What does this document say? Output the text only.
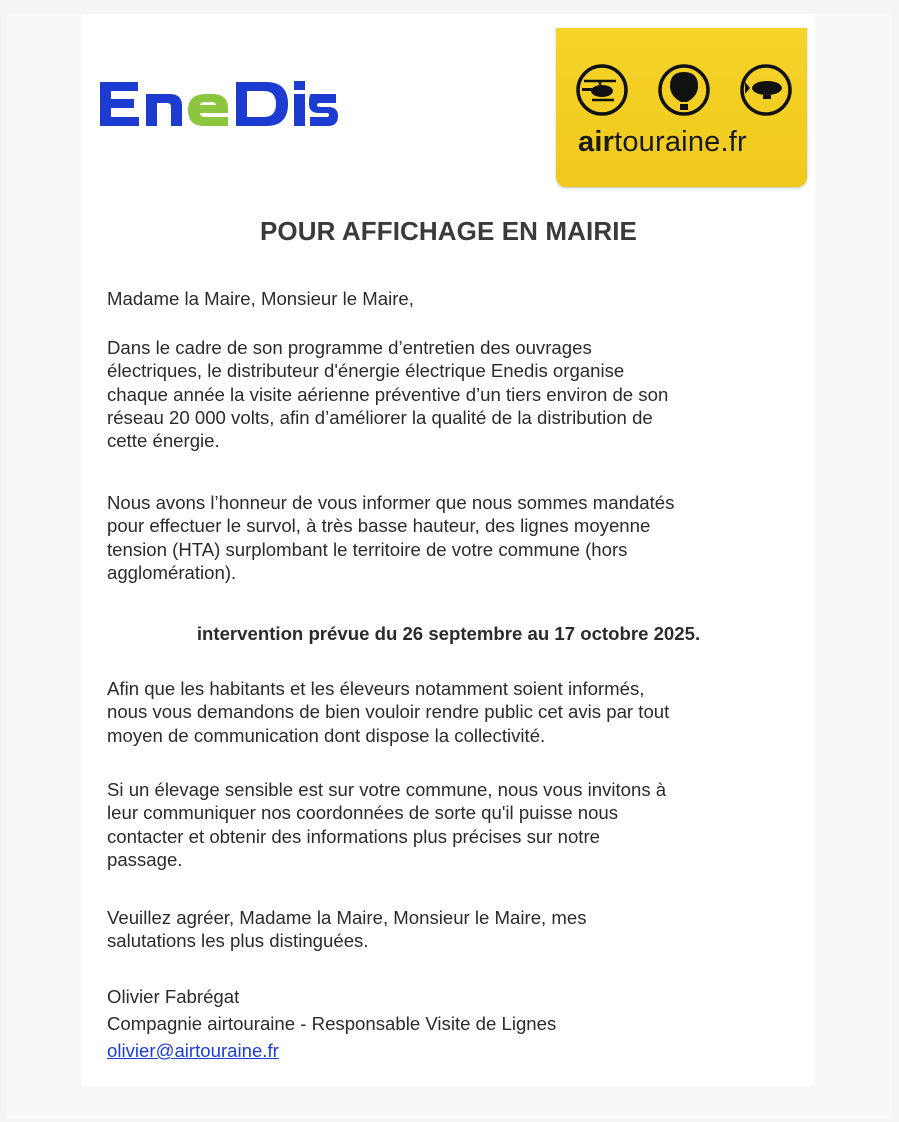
airtouraine.fr
POUR AFFICHAGE EN MAIRIE
Madame la Maire, Monsieur le Maire,
Dans le cadre de son programme d’entretien des ouvrages
électriques, le distributeur d'énergie électrique Enedis organise
chaque année la visite aérienne préventive d’un tiers environ de son
réseau 20 000 volts, afin d’améliorer la qualité de la distribution de
cette énergie.
Nous avons l’honneur de vous informer que nous sommes mandatés
pour effectuer le survol, à très basse hauteur, des lignes moyenne
tension (HTA) surplombant le territoire de votre commune (hors
agglomération).
intervention prévue du 26 septembre au 17 octobre 2025.
Afin que les habitants et les éleveurs notamment soient informés,
nous vous demandons de bien vouloir rendre public cet avis par tout
moyen de communication dont dispose la collectivité.
Si un élevage sensible est sur votre commune, nous vous invitons à
leur communiquer nos coordonnées de sorte qu'il puisse nous
contacter et obtenir des informations plus précises sur notre
passage.
Veuillez agréer, Madame la Maire, Monsieur le Maire, mes
salutations les plus distinguées.
Olivier Fabrégat
Compagnie airtouraine - Responsable Visite de Lignes
olivier@airtouraine.fr
